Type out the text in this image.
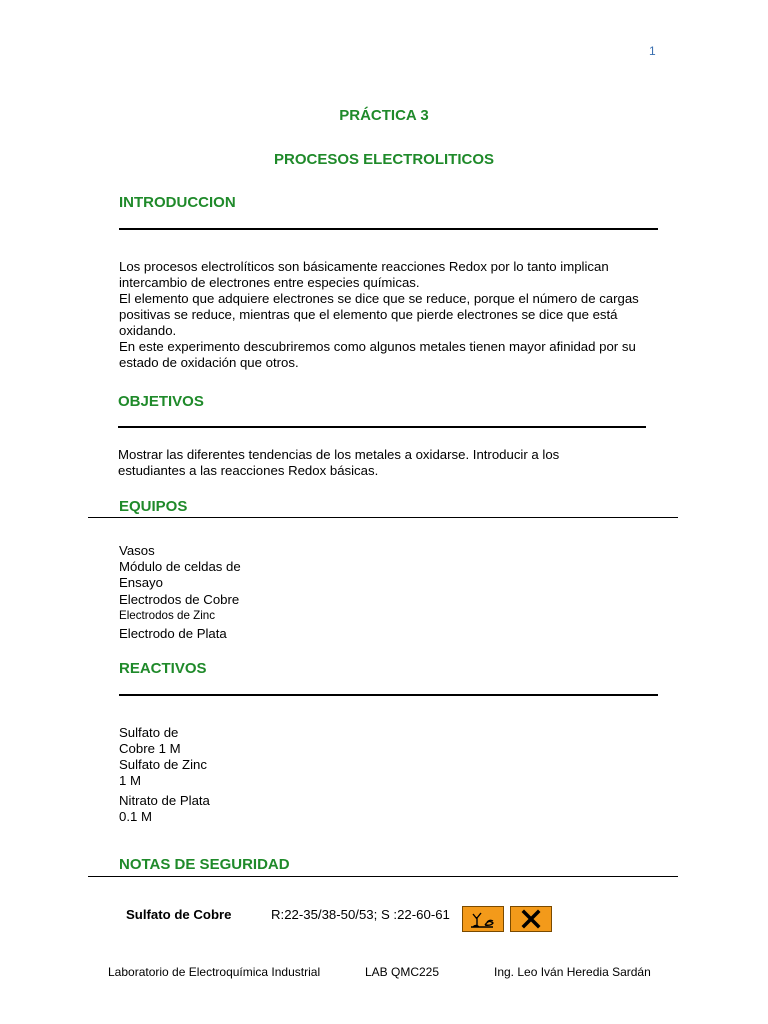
1
PRÁCTICA 3
PROCESOS ELECTROLITICOS
INTRODUCCION

Los procesos electrolíticos son básicamente reacciones Redox por lo tanto implican intercambio de electrones entre especies químicas.

El elemento que adquiere electrones se dice que se reduce, porque el número de cargas positivas se reduce, mientras que el elemento que pierde electrones se dice que está oxidando.

En este experimento descubriremos como algunos metales tienen mayor afinidad por su estado de oxidación que otros.

OBJETIVOS
Mostrar las diferentes tendencias de los metales a oxidarse. Introducir a los estudiantes a las reacciones Redox básicas.
EQUIPOS
Vasos
Módulo de celdas de
Ensayo
Electrodos de Cobre
Electrodos de Zinc
Electrodo de Plata
REACTIVOS
Sulfato de
Cobre 1 M
Sulfato de Zinc
1 M
Nitrato de Plata
0.1 M
NOTAS DE SEGURIDAD
Sulfato de Cobre	R:22-35/38-50/53; S :22-60-61
Laboratorio de Electroquímica Industrial	LAB QMC225	Ing. Leo Iván Heredia Sardán
